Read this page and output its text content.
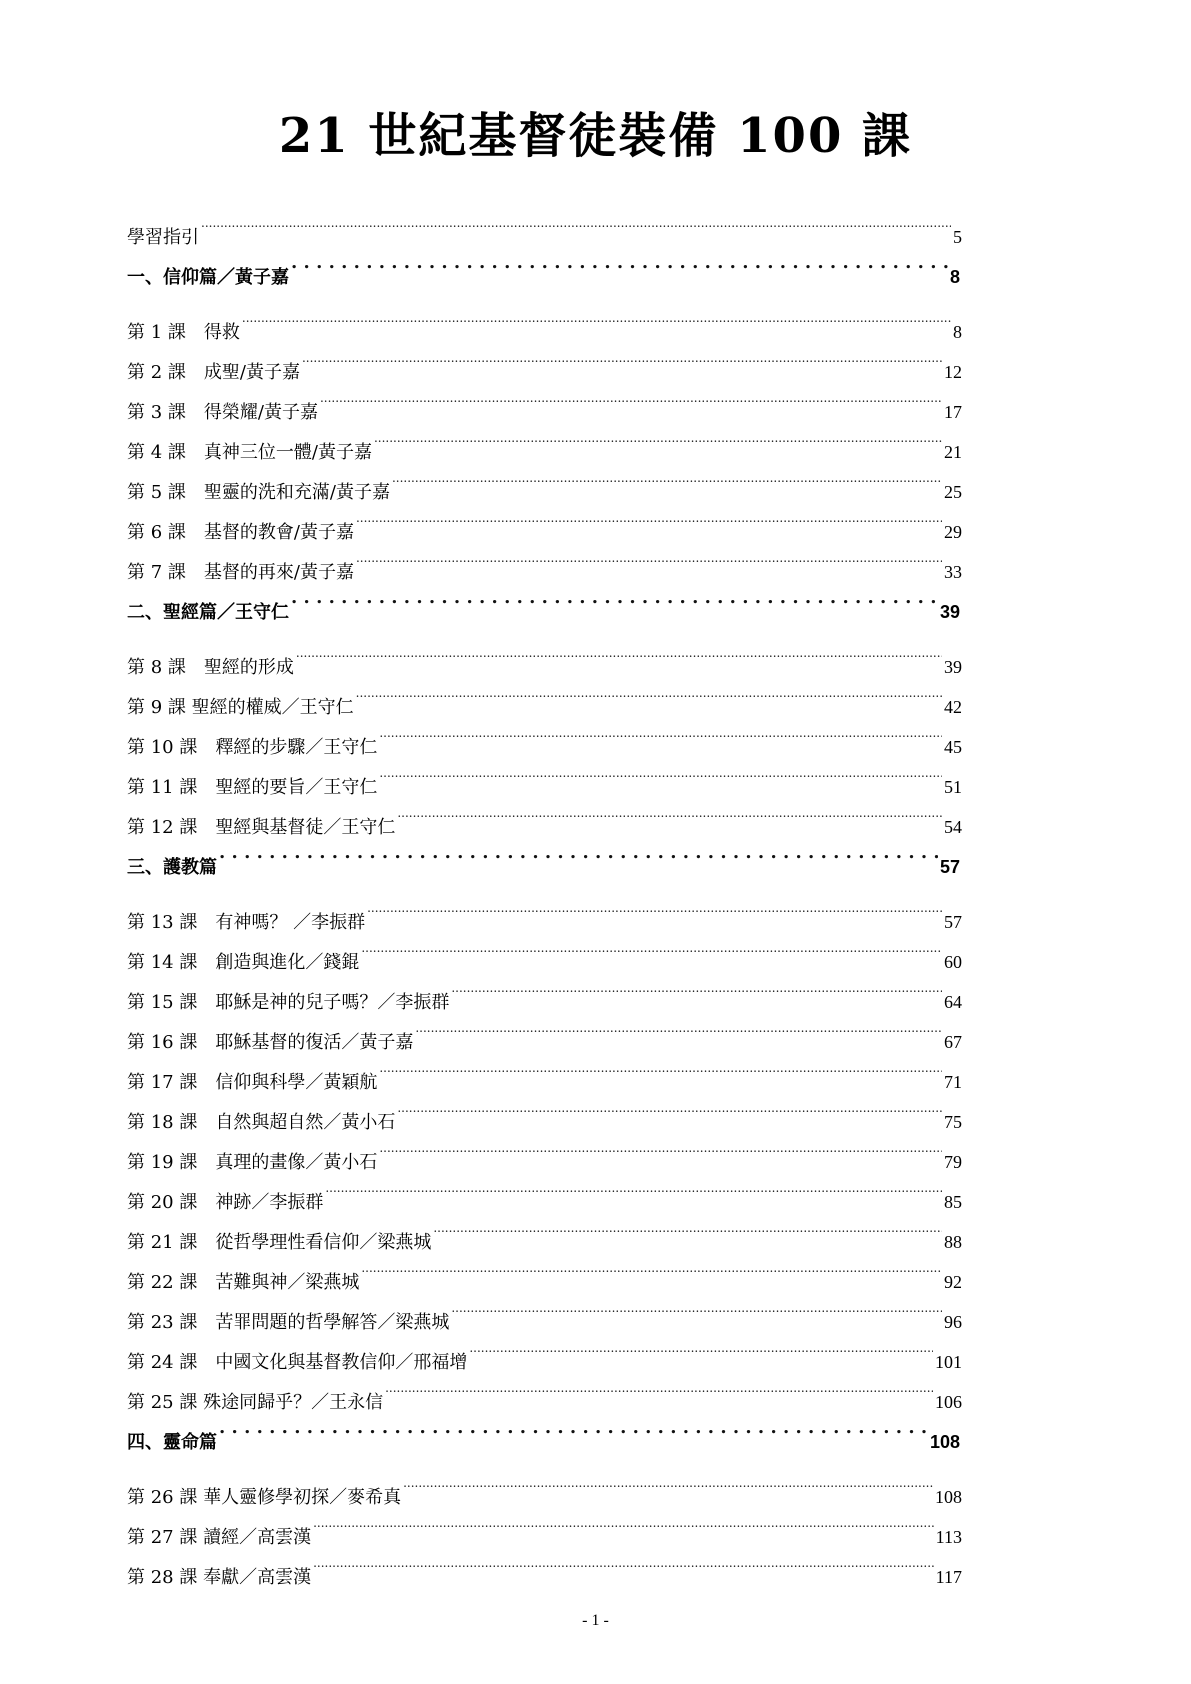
21 世紀基督徒裝備 100 課
學習指引 .....	5
一、信仰篇／黃子嘉 . . .	8
第 1 課　得救 .....	8
第 2 課　成聖/黃子嘉 .....	12
第 3 課　得榮耀/黃子嘉 .....	17
第 4 課　真神三位一體/黃子嘉 .....	21
第 5 課　聖靈的洗和充滿/黃子嘉 .....	25
第 6 課　基督的教會/黃子嘉 .....	29
第 7 課　基督的再來/黃子嘉 .....	33
二、聖經篇／王守仁 . . .	39
第 8 課　聖經的形成 .....	39
第 9 課 聖經的權威／王守仁 .....	42
第 10 課　釋經的步驟／王守仁 .....	45
第 11 課　聖經的要旨／王守仁 .....	51
第 12 課　聖經與基督徒／王守仁 .....	54
三、護教篇 . . .	57
第 13 課　有神嗎？ ／李振群 .....	57
第 14 課　創造與進化／錢錕 .....	60
第 15 課　耶穌是神的兒子嗎？／李振群 .....	64
第 16 課　耶穌基督的復活／黃子嘉 .....	67
第 17 課　信仰與科學／黃穎航 .....	71
第 18 課　自然與超自然／黃小石 .....	75
第 19 課　真理的畫像／黃小石 .....	79
第 20 課　神跡／李振群 .....	85
第 21 課　從哲學理性看信仰／梁燕城 .....	88
第 22 課　苦難與神／梁燕城 .....	92
第 23 課　苦罪問題的哲學解答／梁燕城 .....	96
第 24 課　中國文化與基督教信仰／邢福增 .....	101
第 25 課 殊途同歸乎？／王永信 .....	106
四、靈命篇 . . .	108
第 26 課 華人靈修學初探／麥希真 .....	108
第 27 課 讀經／高雲漢 .....	113
第 28 課 奉獻／高雲漢 .....	117
- 1 -
